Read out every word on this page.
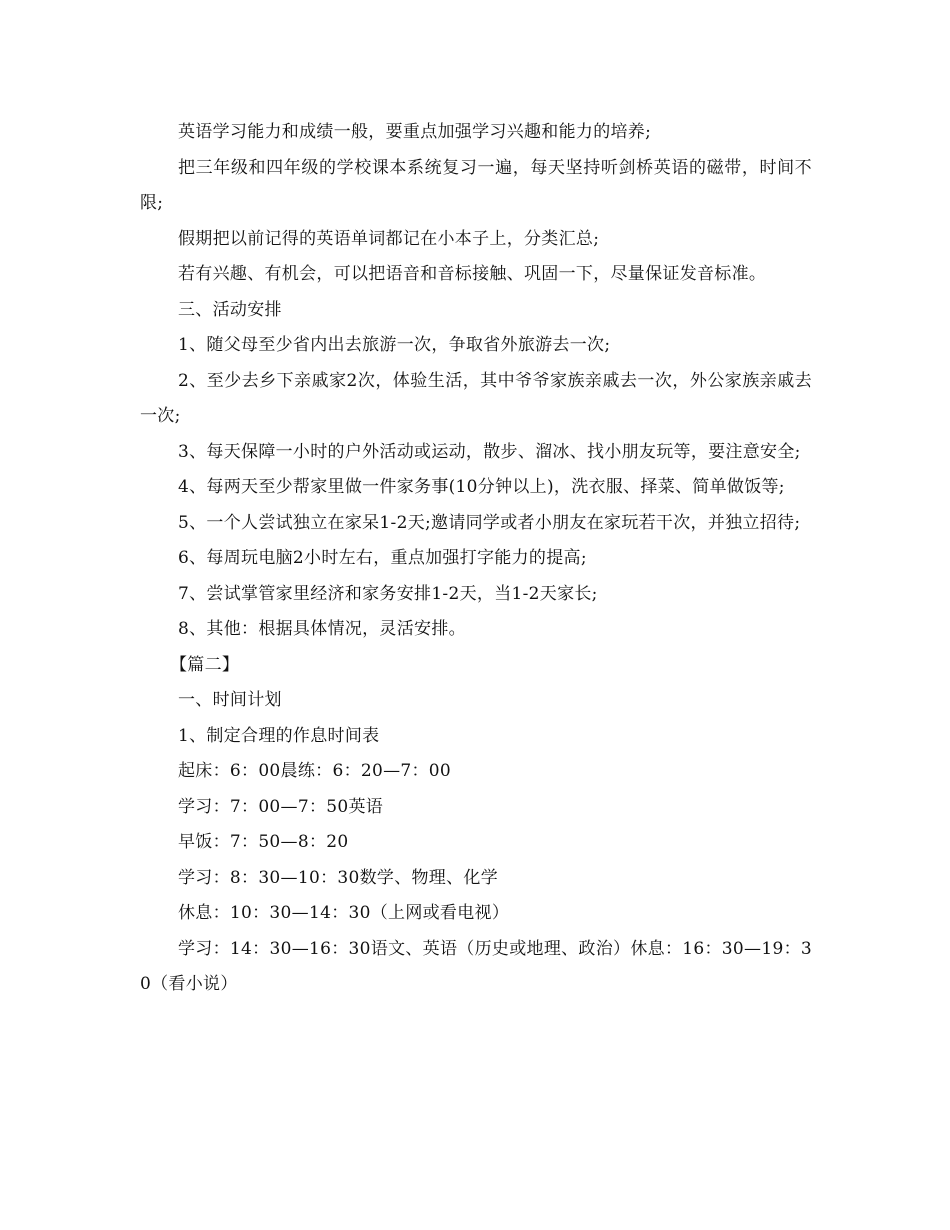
英语学习能力和成绩一般，要重点加强学习兴趣和能力的培养;

把三年级和四年级的学校课本系统复习一遍，每天坚持听剑桥英语的磁带，时间不限;

假期把以前记得的英语单词都记在小本子上，分类汇总;

若有兴趣、有机会，可以把语音和音标接触、巩固一下，尽量保证发音标准。

三、活动安排

1、随父母至少省内出去旅游一次，争取省外旅游去一次;

2、至少去乡下亲戚家2次，体验生活，其中爷爷家族亲戚去一次，外公家族亲戚去一次;

3、每天保障一小时的户外活动或运动，散步、溜冰、找小朋友玩等，要注意安全;

4、每两天至少帮家里做一件家务事(10分钟以上)，洗衣服、择菜、简单做饭等;

5、一个人尝试独立在家呆1-2天;邀请同学或者小朋友在家玩若干次，并独立招待;

6、每周玩电脑2小时左右，重点加强打字能力的提高;

7、尝试掌管家里经济和家务安排1-2天，当1-2天家长;

8、其他：根据具体情况，灵活安排。

【篇二】

一、时间计划

1、制定合理的作息时间表

起床：6：00晨练：6：20—7：00

学习：7：00—7：50英语

早饭：7：50—8：20

学习：8：30—10：30数学、物理、化学

休息：10：30—14：30（上网或看电视）

学习：14：30—16：30语文、英语（历史或地理、政治）休息：16：30—19：30（看小说）
